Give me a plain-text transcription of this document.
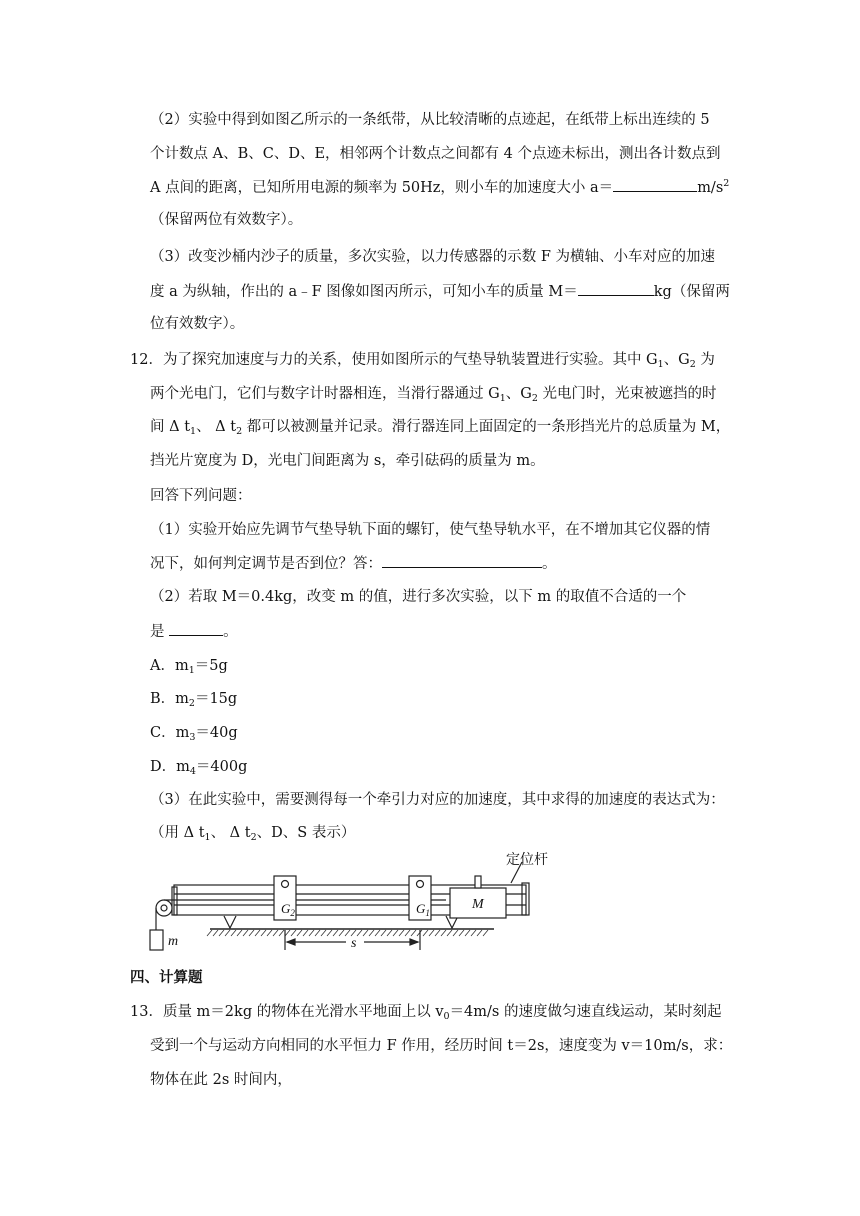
（2）实验中得到如图乙所示的一条纸带，从比较清晰的点迹起，在纸带上标出连续的 5
个计数点 A、B、C、D、E，相邻两个计数点之间都有 4 个点迹未标出，测出各计数点到
A 点间的距离，已知所用电源的频率为 50Hz，则小车的加速度大小 a＝	$m/s^2$
（保留两位有效数字）。
（3）改变沙桶内沙子的质量，多次实验，以力传感器的示数 F 为横轴、小车对应的加速
度 a 为纵轴，作出的 a﹣F 图像如图丙所示，可知小车的质量 M＝	kg（保留两
位有效数字）。
12．为了探究加速度与力的关系，使用如图所示的气垫导轨装置进行实验。其中 $G_1$、$G_2$ 为
两个光电门，它们与数字计时器相连，当滑行器通过 $G_1$、$G_2$ 光电门时，光束被遮挡的时
间 Δ $t_1$、 Δ $t_2$ 都可以被测量并记录。滑行器连同上面固定的一条形挡光片的总质量为 M，
挡光片宽度为 D，光电门间距离为 s，牵引砝码的质量为 m。
回答下列问题：
（1）实验开始应先调节气垫导轨下面的螺钉，使气垫导轨水平，在不增加其它仪器的情
况下，如何判定调节是否到位？答：	。
（2）若取 M＝0.4kg，改变 m 的值，进行多次实验，以下 m 的取值不合适的一个
是	。
A．$m_1=5g$
B．$m_2=15g$
C．$m_3=40g$
D．$m_4=400g$
（3）在此实验中，需要测得每一个牵引力对应的加速度，其中求得的加速度的表达式为：
（用 Δ $t_1$、 Δ $t_2$、D、S 表示）
$G_2$	$G_1$
M
m	s
定位杆
四、计算题
13．质量 m＝2kg 的物体在光滑水平地面上以 $v_0=4m/s$ 的速度做匀速直线运动，某时刻起
受到一个与运动方向相同的水平恒力 F 作用，经历时间 t＝2s，速度变为 v＝10m/s，求：
物体在此 2s 时间内，
